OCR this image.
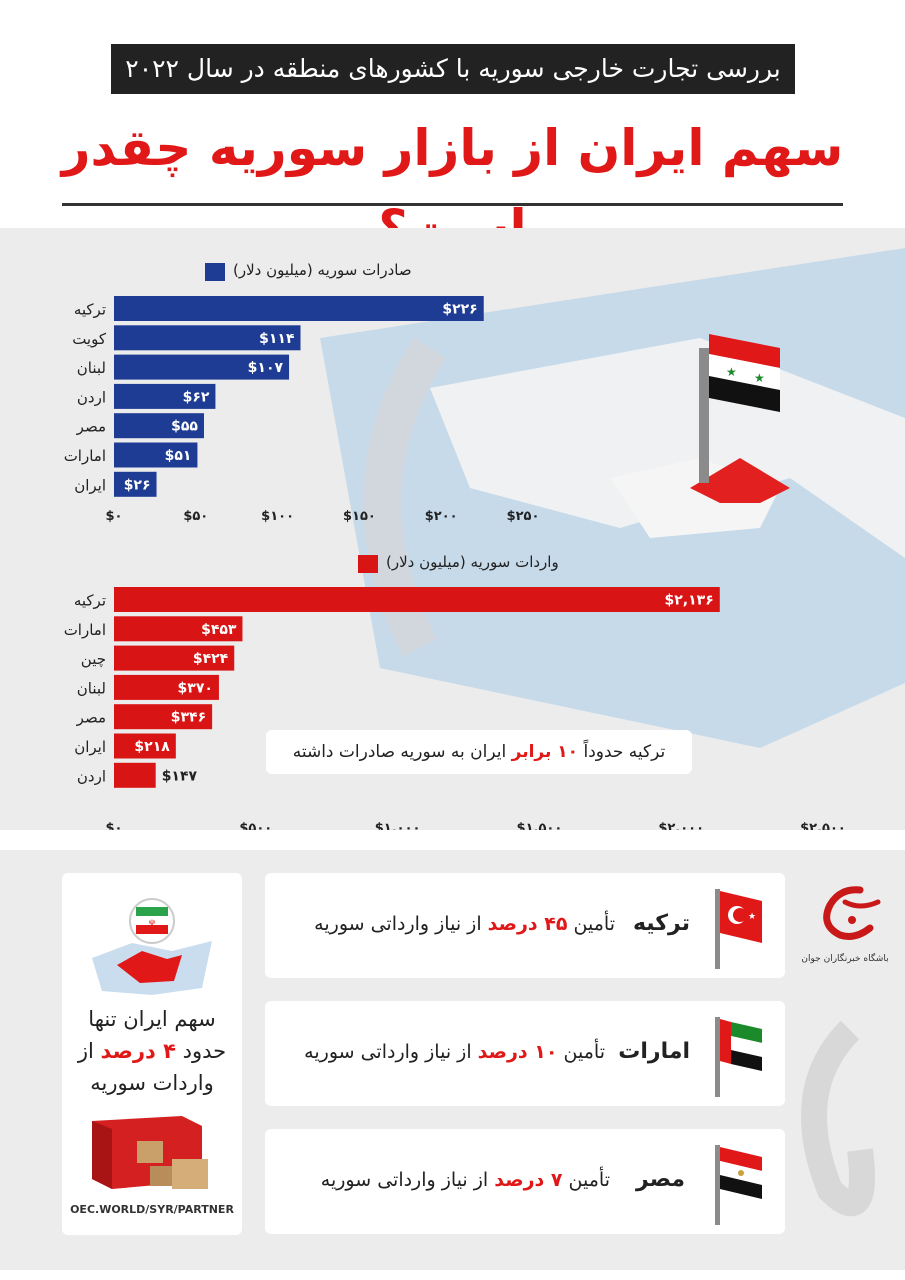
بررسی تجارت خارجی سوریه با کشورهای منطقه در سال ۲۰۲۲
سهم ایران از بازار سوریه چقدر
★ ★
صادرات سوریه (میلیون دلار)
ترکیه	$۲۲۶
کویت	$۱۱۴
لبنان	$۱۰۷
اردن	$۶۲
مصر	$۵۵
امارات	$۵۱
ایران $۲۶
$۰	$۵۰	$۱۰۰	$۱۵۰	$۲۰۰	$۲۵۰
واردات سوریه (میلیون دلار)
ترکیه	$۲,۱۳۶
امارات	$۴۵۳
چین	$۴۲۴
لبنان	$۳۷۰
مصر	$۳۴۶
ایران $۲۱۸
اردن	$۱۴۷
$۰	$۵۰۰	$۱,۰۰۰	$۱,۵۰۰	$۲,۰۰۰	$۲,۵۰۰
ترکیه حدوداً ۱۰ برابر ایران به سوریه صادرات داشته
☫
سهم ایران تنها
حدود ۴ درصد از
واردات سوریه
OEC.WORLD/SYR/PARTNER
ترکیه
تأمین ۴۵ درصد از نیاز وارداتی سوریه	★
امارات
تأمین ۱۰ درصد از نیاز وارداتی سوریه
مصر
تأمین ۷ درصد از نیاز وارداتی سوریه
باشگاه خبرنگاران جوان
